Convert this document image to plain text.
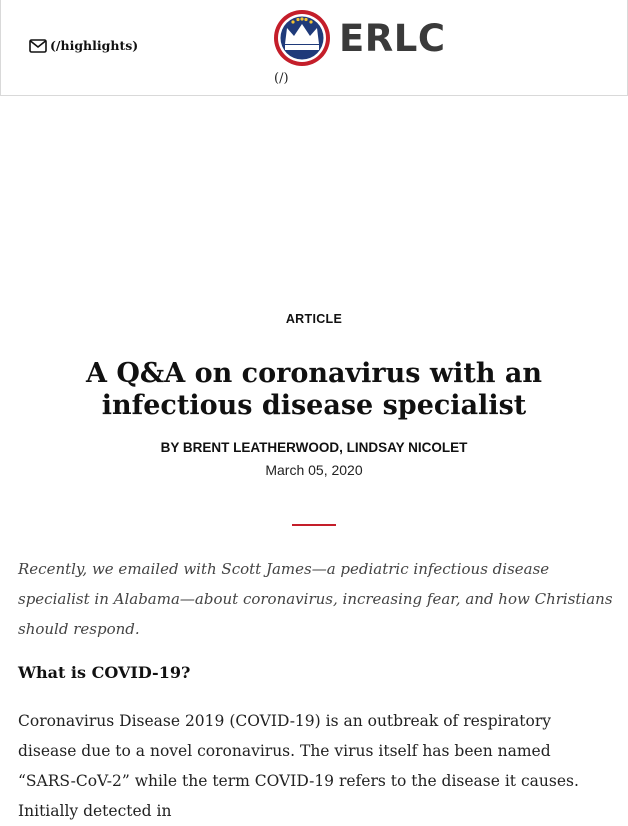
(/highlights)	ERLC
(/)
ARTICLE
A Q&A on coronavirus with an infectious disease specialist
BY BRENT LEATHERWOOD, LINDSAY NICOLET
March 05, 2020

Recently, we emailed with Scott James—a pediatric infectious disease specialist in Alabama—about coronavirus, increasing fear, and how Christians should respond.

What is COVID-19?

Coronavirus Disease 2019 (COVID-19) is an outbreak of respiratory disease due to a novel coronavirus. The virus itself has been named “SARS-CoV-2” while the term COVID-19 refers to the disease it causes. Initially detected in
